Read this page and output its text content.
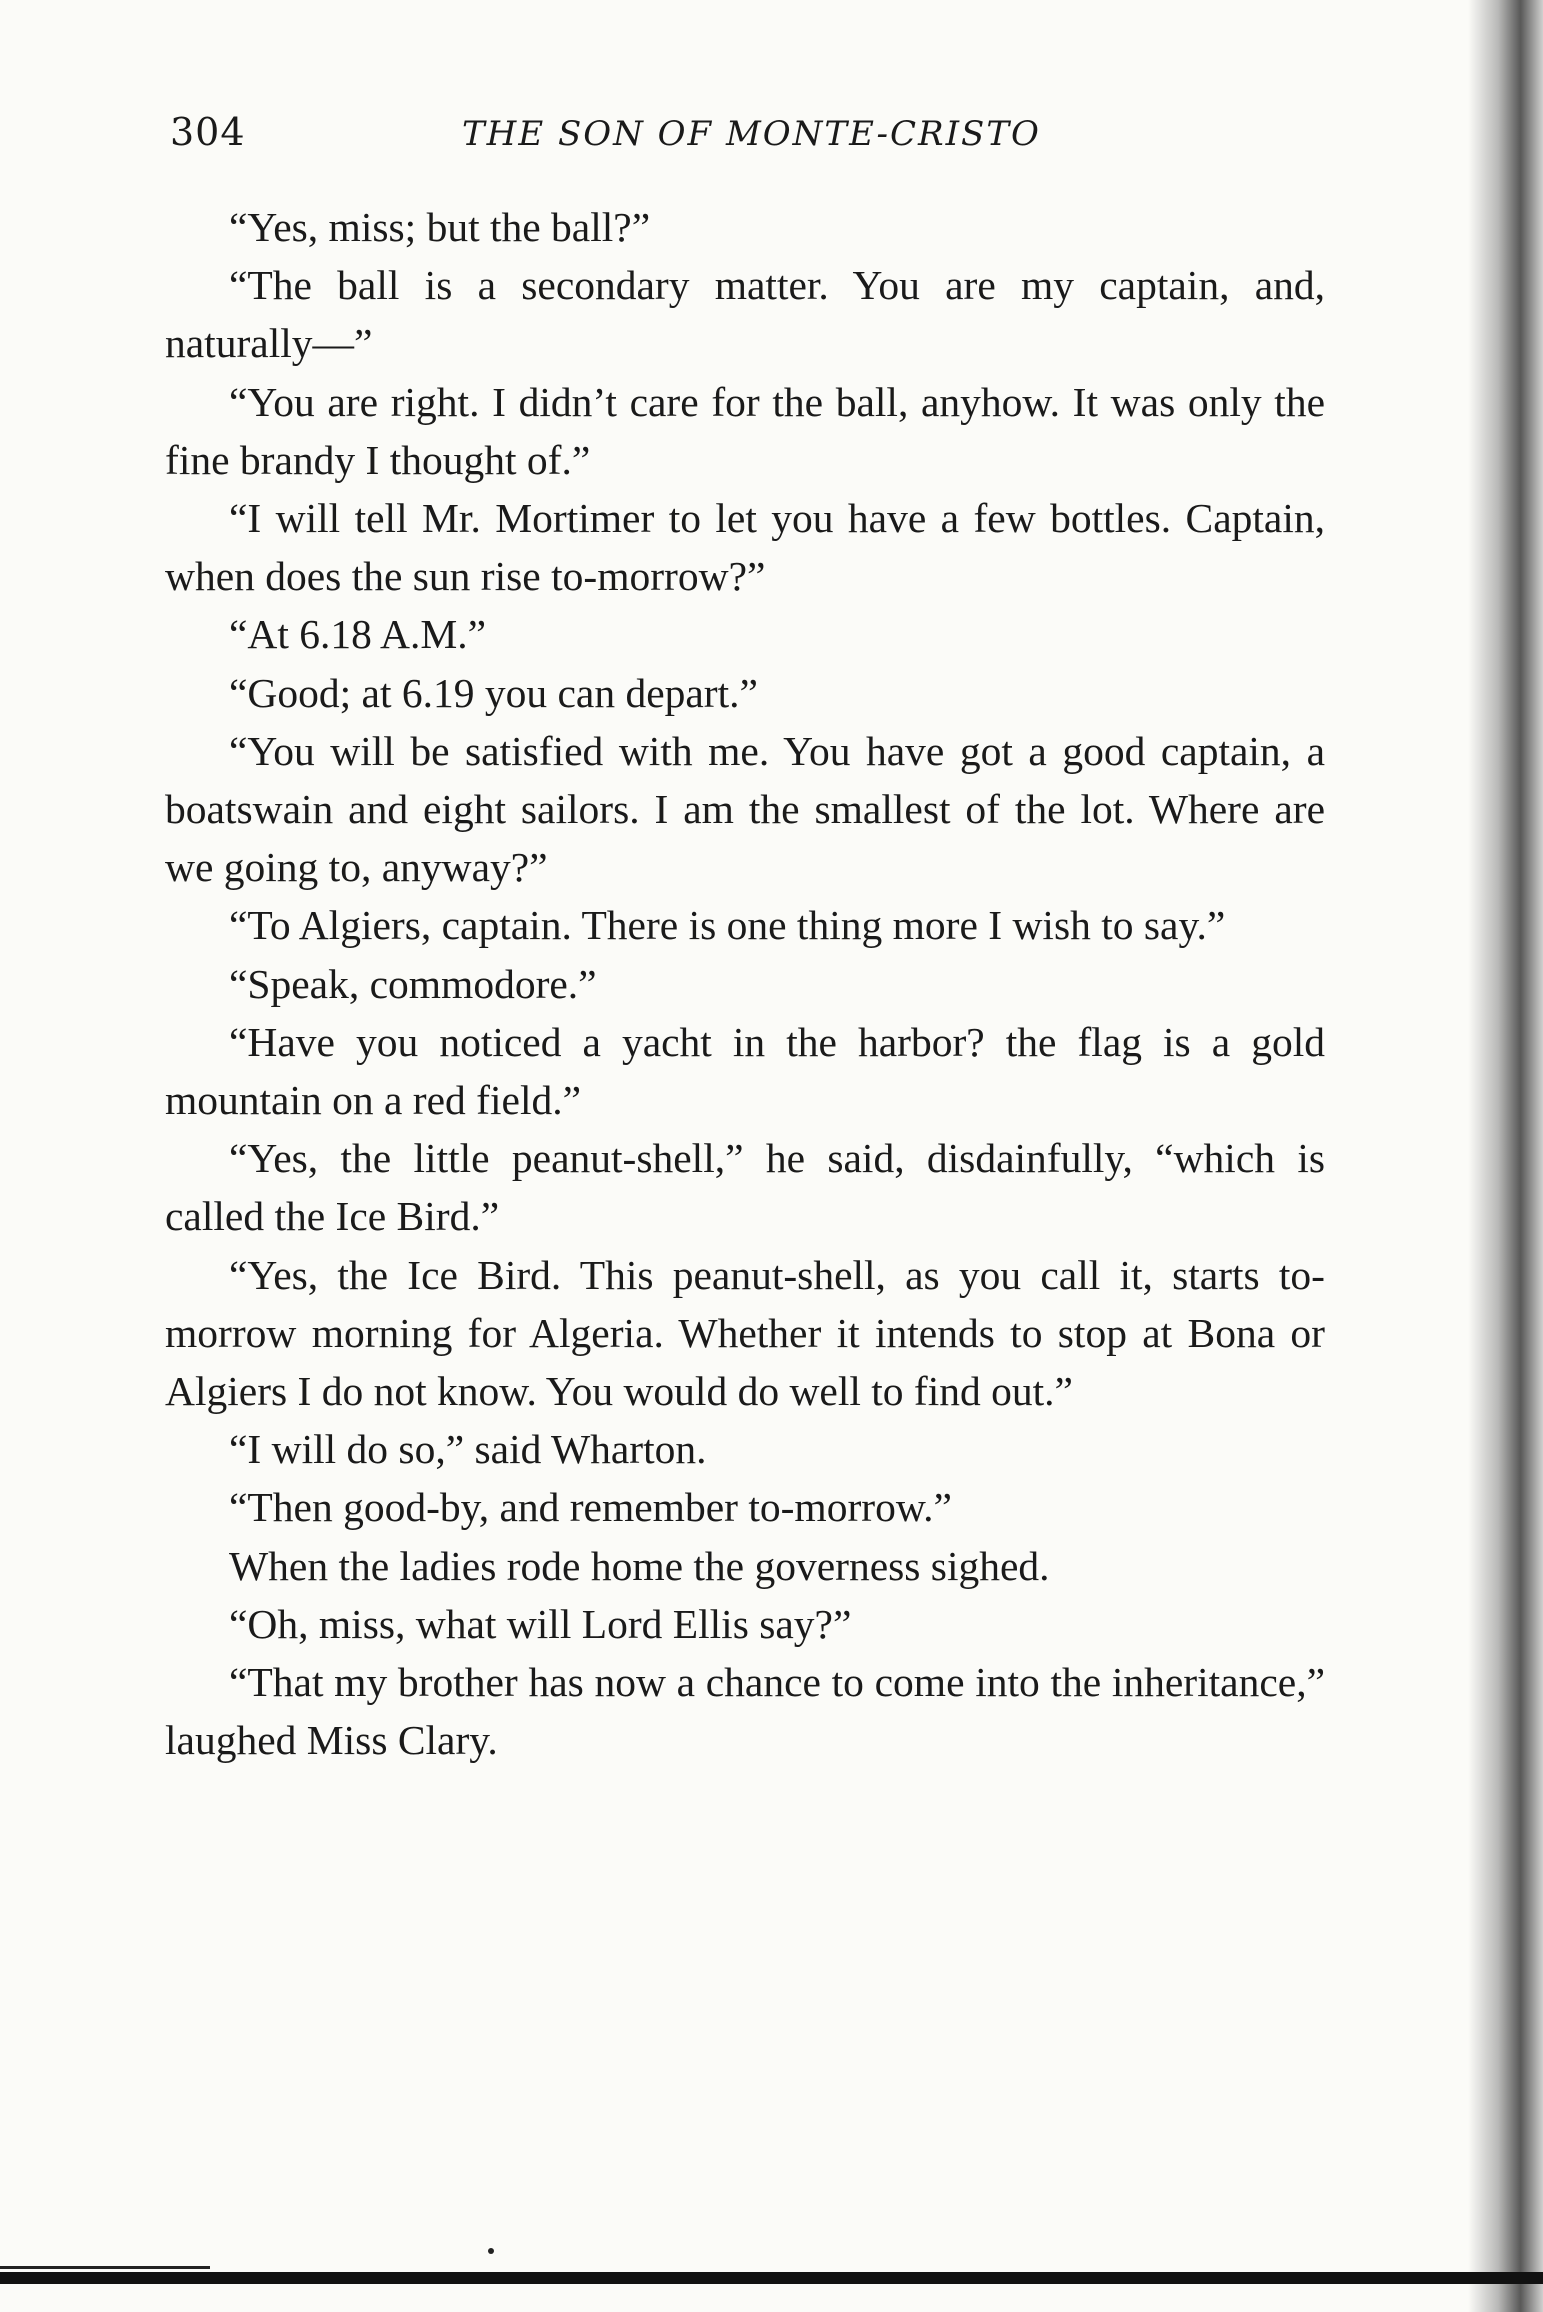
304	THE SON OF MONTE-CRISTO

“Yes, miss; but the ball?”

“The ball is a secondary matter. You are my captain, and, naturally—”

“You are right. I didn’t care for the ball, anyhow. It was only the fine brandy I thought of.”

“I will tell Mr. Mortimer to let you have a few bottles. Captain, when does the sun rise to-morrow?”

“At 6.18 A.M.”

“Good; at 6.19 you can depart.”

“You will be satisfied with me. You have got a good captain, a boatswain and eight sailors. I am the smallest of the lot. Where are we going to, anyway?”

“To Algiers, captain. There is one thing more I wish to say.”

“Speak, commodore.”

“Have you noticed a yacht in the harbor? the flag is a gold mountain on a red field.”

“Yes, the little peanut-shell,” he said, disdainfully, “which is called the Ice Bird.”

“Yes, the Ice Bird. This peanut-shell, as you call it, starts to-morrow morning for Algeria. Whether it intends to stop at Bona or Algiers I do not know. You would do well to find out.”

“I will do so,” said Wharton.

“Then good-by, and remember to-morrow.”

When the ladies rode home the governess sighed.

“Oh, miss, what will Lord Ellis say?”

“That my brother has now a chance to come into the inheritance,” laughed Miss Clary.
